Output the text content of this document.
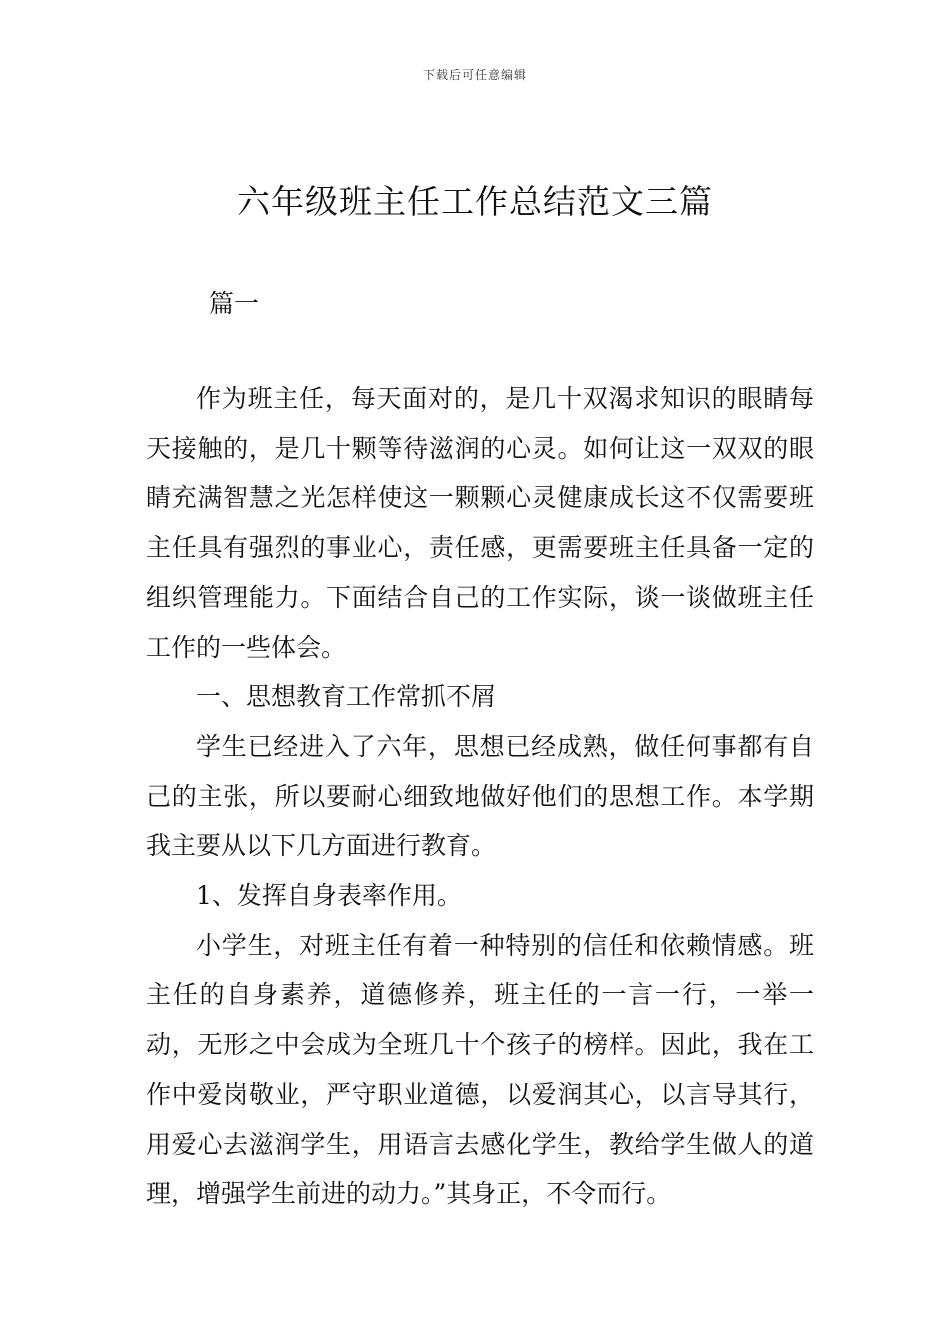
下载后可任意编辑
六年级班主任工作总结范文三篇
篇一

作为班主任，每天面对的，是几十双渴求知识的眼睛每天接触的，是几十颗等待滋润的心灵。如何让这一双双的眼睛充满智慧之光怎样使这一颗颗心灵健康成长这不仅需要班主任具有强烈的事业心，责任感，更需要班主任具备一定的组织管理能力。下面结合自己的工作实际，谈一谈做班主任工作的一些体会。

一、思想教育工作常抓不屑

学生已经进入了六年，思想已经成熟，做任何事都有自己的主张，所以要耐心细致地做好他们的思想工作。本学期我主要从以下几方面进行教育。

1、发挥自身表率作用。

小学生，对班主任有着一种特别的信任和依赖情感。班主任的自身素养，道德修养，班主任的一言一行，一举一动，无形之中会成为全班几十个孩子的榜样。因此，我在工作中爱岗敬业，严守职业道德，以爱润其心，以言导其行，用爱心去滋润学生，用语言去感化学生，教给学生做人的道理，增强学生前进的动力。”其身正，不令而行。
